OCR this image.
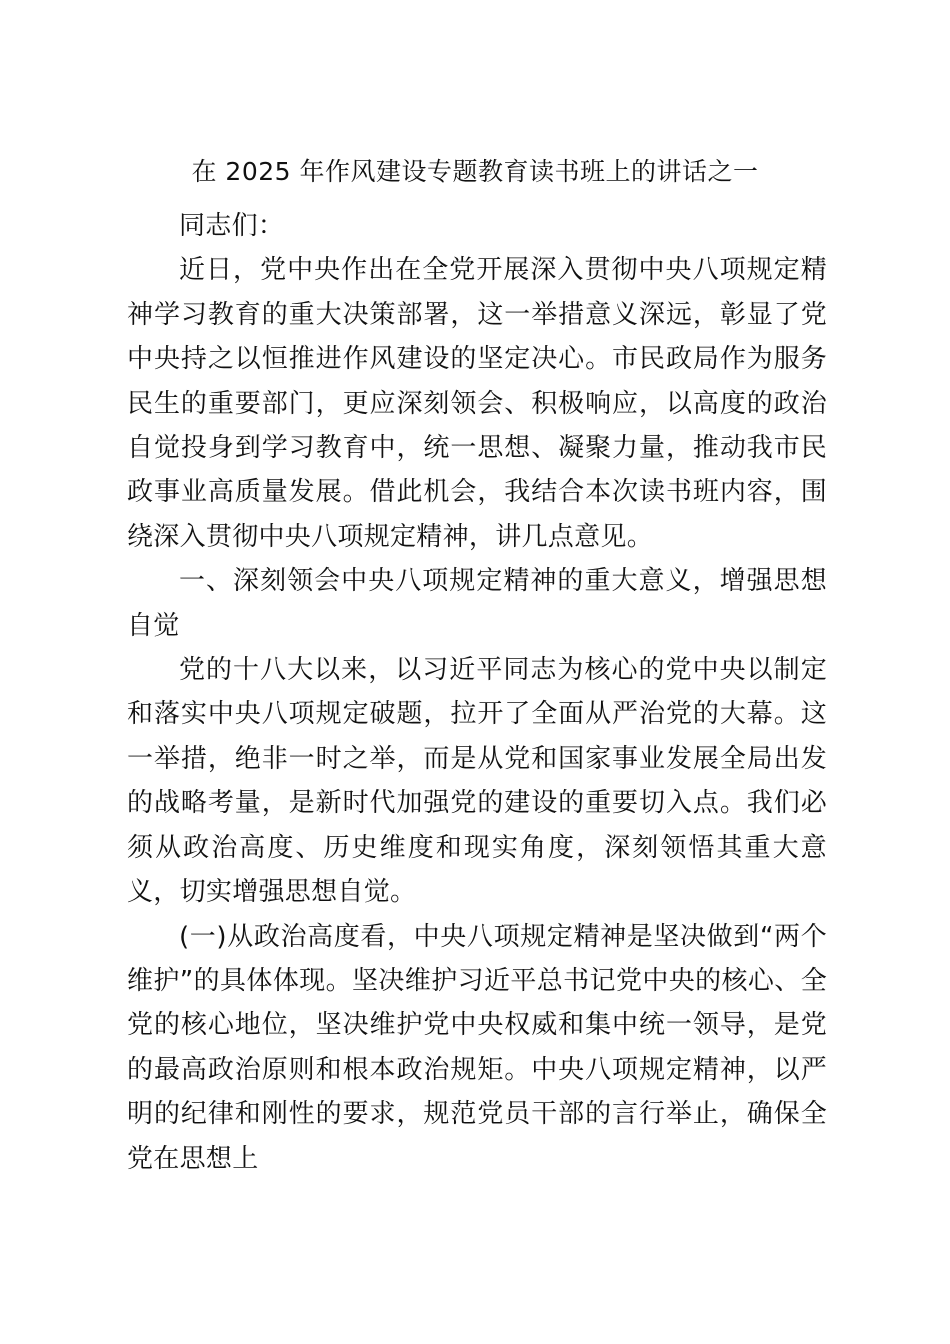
在 2025 年作风建设专题教育读书班上的讲话之一

同志们：

近日，党中央作出在全党开展深入贯彻中央八项规定精神学习教育的重大决策部署，这一举措意义深远，彰显了党中央持之以恒推进作风建设的坚定决心。市民政局作为服务民生的重要部门，更应深刻领会、积极响应，以高度的政治自觉投身到学习教育中，统一思想、凝聚力量，推动我市民政事业高质量发展。借此机会，我结合本次读书班内容，围绕深入贯彻中央八项规定精神，讲几点意见。

一、深刻领会中央八项规定精神的重大意义，增强思想自觉

党的十八大以来，以习近平同志为核心的党中央以制定和落实中央八项规定破题，拉开了全面从严治党的大幕。这一举措，绝非一时之举，而是从党和国家事业发展全局出发的战略考量，是新时代加强党的建设的重要切入点。我们必须从政治高度、历史维度和现实角度，深刻领悟其重大意义，切实增强思想自觉。

(一)从政治高度看，中央八项规定精神是坚决做到“两个维护”的具体体现。坚决维护习近平总书记党中央的核心、全党的核心地位，坚决维护党中央权威和集中统一领导，是党的最高政治原则和根本政治规矩。中央八项规定精神，以严明的纪律和刚性的要求，规范党员干部的言行举止，确保全党在思想上
